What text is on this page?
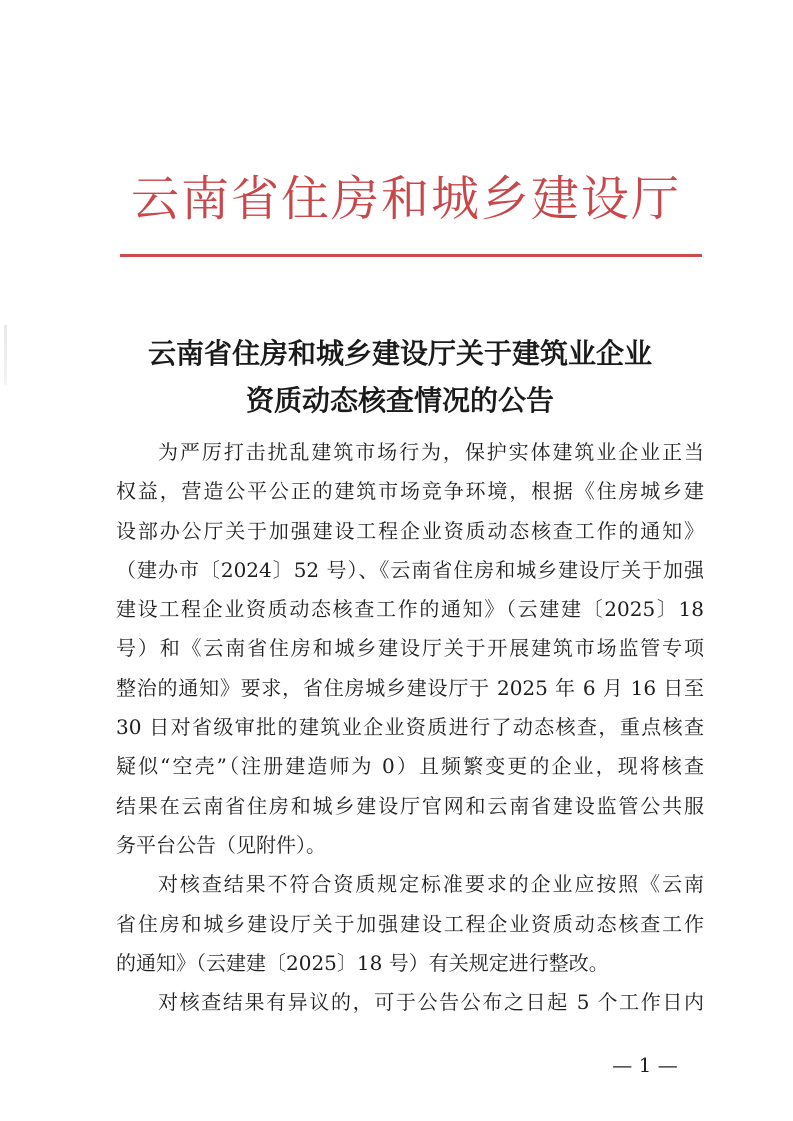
云南省住房和城乡建设厅
云南省住房和城乡建设厅关于建筑业企业
资质动态核查情况的公告
为严厉打击扰乱建筑市场行为，保护实体建筑业企业正当
权益，营造公平公正的建筑市场竞争环境，根据《住房城乡建
设部办公厅关于加强建设工程企业资质动态核查工作的通知》
（建办市〔2024〕52 号）、《云南省住房和城乡建设厅关于加强
建设工程企业资质动态核查工作的通知》（云建建〔2025〕18
号）和《云南省住房和城乡建设厅关于开展建筑市场监管专项
整治的通知》要求，省住房城乡建设厅于 2025 年 6 月 16 日至
30 日对省级审批的建筑业企业资质进行了动态核查，重点核查
疑似“空壳”（注册建造师为 0）且频繁变更的企业，现将核查
结果在云南省住房和城乡建设厅官网和云南省建设监管公共服
务平台公告（见附件）。
对核查结果不符合资质规定标准要求的企业应按照《云南
省住房和城乡建设厅关于加强建设工程企业资质动态核查工作
的通知》（云建建〔2025〕18 号）有关规定进行整改。
对核查结果有异议的，可于公告公布之日起 5 个工作日内
— 1 —
